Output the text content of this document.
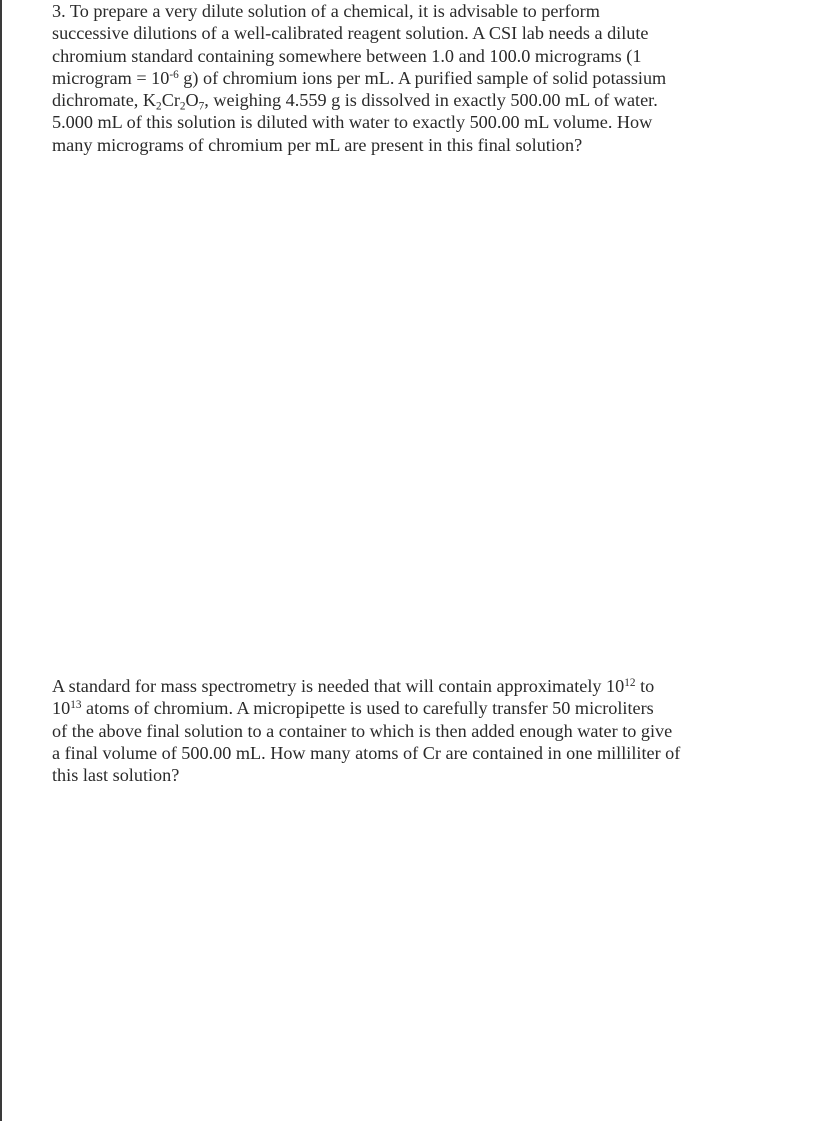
3. To prepare a very dilute solution of a chemical, it is advisable to perform
successive dilutions of a well-calibrated reagent solution. A CSI lab needs a dilute
chromium standard containing somewhere between 1.0 and 100.0 micrograms (1
microgram = $10^{-6}$ g) of chromium ions per mL. A purified sample of solid potassium
dichromate, $K_2Cr_2O_7$, weighing 4.559 g is dissolved in exactly 500.00 mL of water.
5.000 mL of this solution is diluted with water to exactly 500.00 mL volume. How
many micrograms of chromium per mL are present in this final solution?

A standard for mass spectrometry is needed that will contain approximately $10^{12}$ to
$10^{13}$ atoms of chromium. A micropipette is used to carefully transfer 50 microliters
of the above final solution to a container to which is then added enough water to give
a final volume of 500.00 mL. How many atoms of Cr are contained in one milliliter of
this last solution?
